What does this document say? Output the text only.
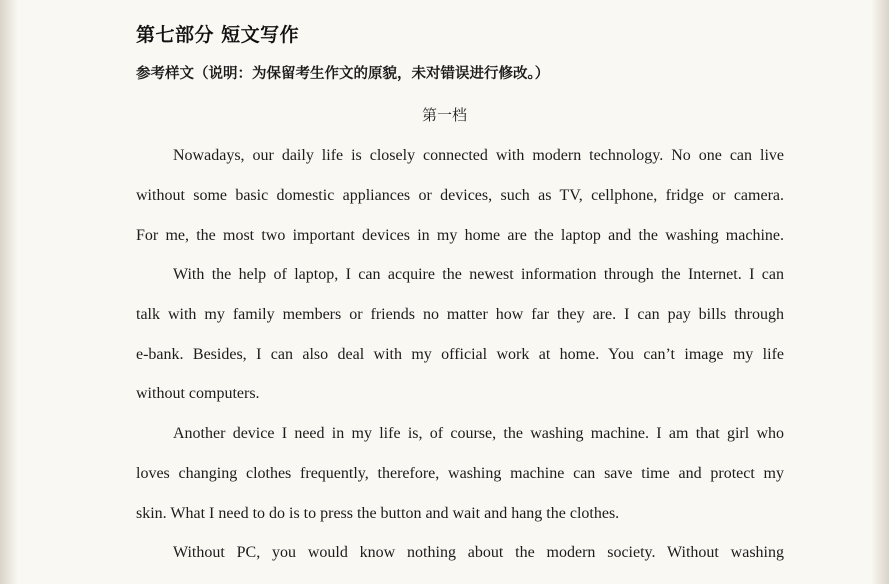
第七部分 短文写作
参考样文（说明：为保留考生作文的原貌，未对错误进行修改。）
第一档
Nowadays, our daily life is closely connected with modern technology. No one can live
without some basic domestic appliances or devices, such as TV, cellphone, fridge or camera.
For me, the most two important devices in my home are the laptop and the washing machine.
With the help of laptop, I can acquire the newest information through the Internet. I can
talk with my family members or friends no matter how far they are. I can pay bills through
e-bank. Besides, I can also deal with my official work at home. You can’t image my life
without computers.
Another device I need in my life is, of course, the washing machine. I am that girl who
loves changing clothes frequently, therefore, washing machine can save time and protect my
skin. What I need to do is to press the button and wait and hang the clothes.
Without PC, you would know nothing about the modern society. Without washing
